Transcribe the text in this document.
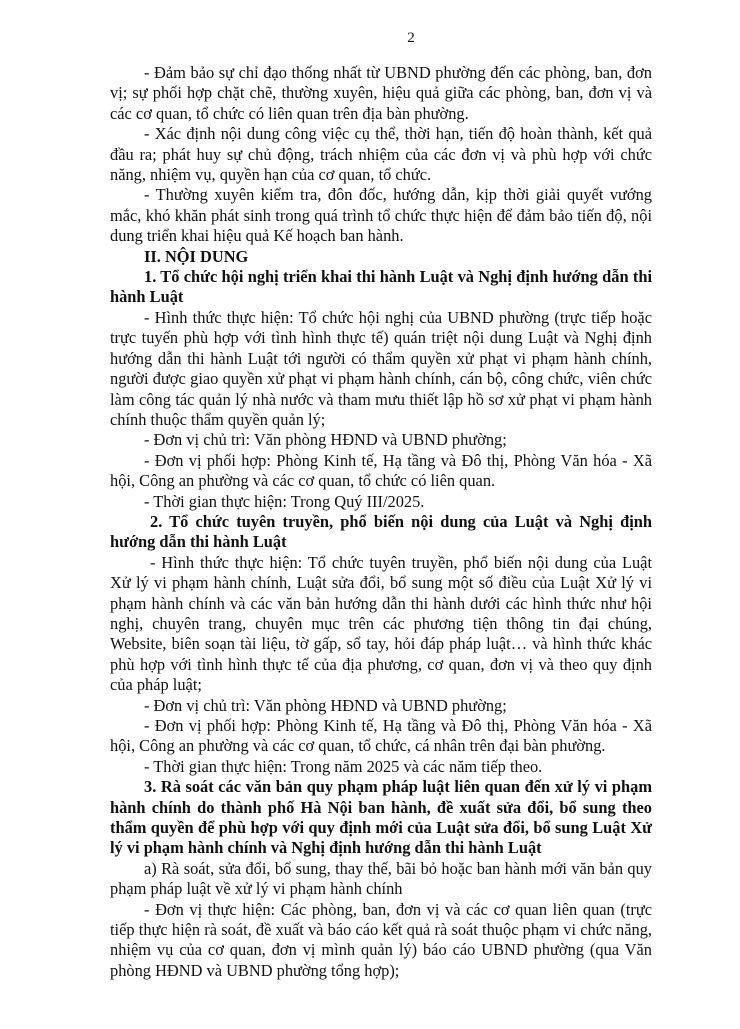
2

- Đảm bảo sự chỉ đạo thống nhất từ UBND phường đến các phòng, ban, đơn vị; sự phối hợp chặt chẽ, thường xuyên, hiệu quả giữa các phòng, ban, đơn vị và các cơ quan, tổ chức có liên quan trên địa bàn phường.

- Xác định nội dung công việc cụ thể, thời hạn, tiến độ hoàn thành, kết quả đầu ra; phát huy sự chủ động, trách nhiệm của các đơn vị và phù hợp với chức năng, nhiệm vụ, quyền hạn của cơ quan, tổ chức.

- Thường xuyên kiểm tra, đôn đốc, hướng dẫn, kịp thời giải quyết vướng mắc, khó khăn phát sinh trong quá trình tổ chức thực hiện để đảm bảo tiến độ, nội dung triển khai hiệu quả Kế hoạch ban hành.

II. NỘI DUNG

1. Tổ chức hội nghị triển khai thi hành Luật và Nghị định hướng dẫn thi hành Luật

- Hình thức thực hiện: Tổ chức hội nghị của UBND phường (trực tiếp hoặc trực tuyến phù hợp với tình hình thực tế) quán triệt nội dung Luật và Nghị định hướng dẫn thi hành Luật tới người có thẩm quyền xử phạt vi phạm hành chính, người được giao quyền xử phạt vi phạm hành chính, cán bộ, công chức, viên chức làm công tác quản lý nhà nước và tham mưu thiết lập hồ sơ xử phạt vi phạm hành chính thuộc thẩm quyền quản lý;

- Đơn vị chủ trì: Văn phòng HĐND và UBND phường;

- Đơn vị phối hợp: Phòng Kinh tế, Hạ tầng và Đô thị, Phòng Văn hóa - Xã hội, Công an phường và các cơ quan, tổ chức có liên quan.

- Thời gian thực hiện: Trong Quý III/2025.

2. Tổ chức tuyên truyền, phổ biến nội dung của Luật và Nghị định hướng dẫn thi hành Luật

- Hình thức thực hiện: Tổ chức tuyên truyền, phổ biến nội dung của Luật Xử lý vi phạm hành chính, Luật sửa đổi, bổ sung một số điều của Luật Xử lý vi phạm hành chính và các văn bản hướng dẫn thi hành dưới các hình thức như hội nghị, chuyên trang, chuyên mục trên các phương tiện thông tin đại chúng, Website, biên soạn tài liệu, tờ gấp, sổ tay, hỏi đáp pháp luật… và hình thức khác phù hợp với tình hình thực tế của địa phương, cơ quan, đơn vị và theo quy định của pháp luật;

- Đơn vị chủ trì: Văn phòng HĐND và UBND phường;

- Đơn vị phối hợp: Phòng Kinh tế, Hạ tầng và Đô thị, Phòng Văn hóa - Xã hội, Công an phường và các cơ quan, tổ chức, cá nhân trên đại bàn phường.

- Thời gian thực hiện: Trong năm 2025 và các năm tiếp theo.

3. Rà soát các văn bản quy phạm pháp luật liên quan đến xử lý vi phạm hành chính do thành phố Hà Nội ban hành, đề xuất sửa đổi, bổ sung theo thẩm quyền để phù hợp với quy định mới của Luật sửa đổi, bổ sung Luật Xử lý vi phạm hành chính và Nghị định hướng dẫn thi hành Luật

a) Rà soát, sửa đổi, bổ sung, thay thế, bãi bỏ hoặc ban hành mới văn bản quy phạm pháp luật về xử lý vi phạm hành chính

- Đơn vị thực hiện: Các phòng, ban, đơn vị và các cơ quan liên quan (trực tiếp thực hiện rà soát, đề xuất và báo cáo kết quả rà soát thuộc phạm vi chức năng, nhiệm vụ của cơ quan, đơn vị mình quản lý) báo cáo UBND phường (qua Văn phòng HĐND và UBND phường tổng hợp);
